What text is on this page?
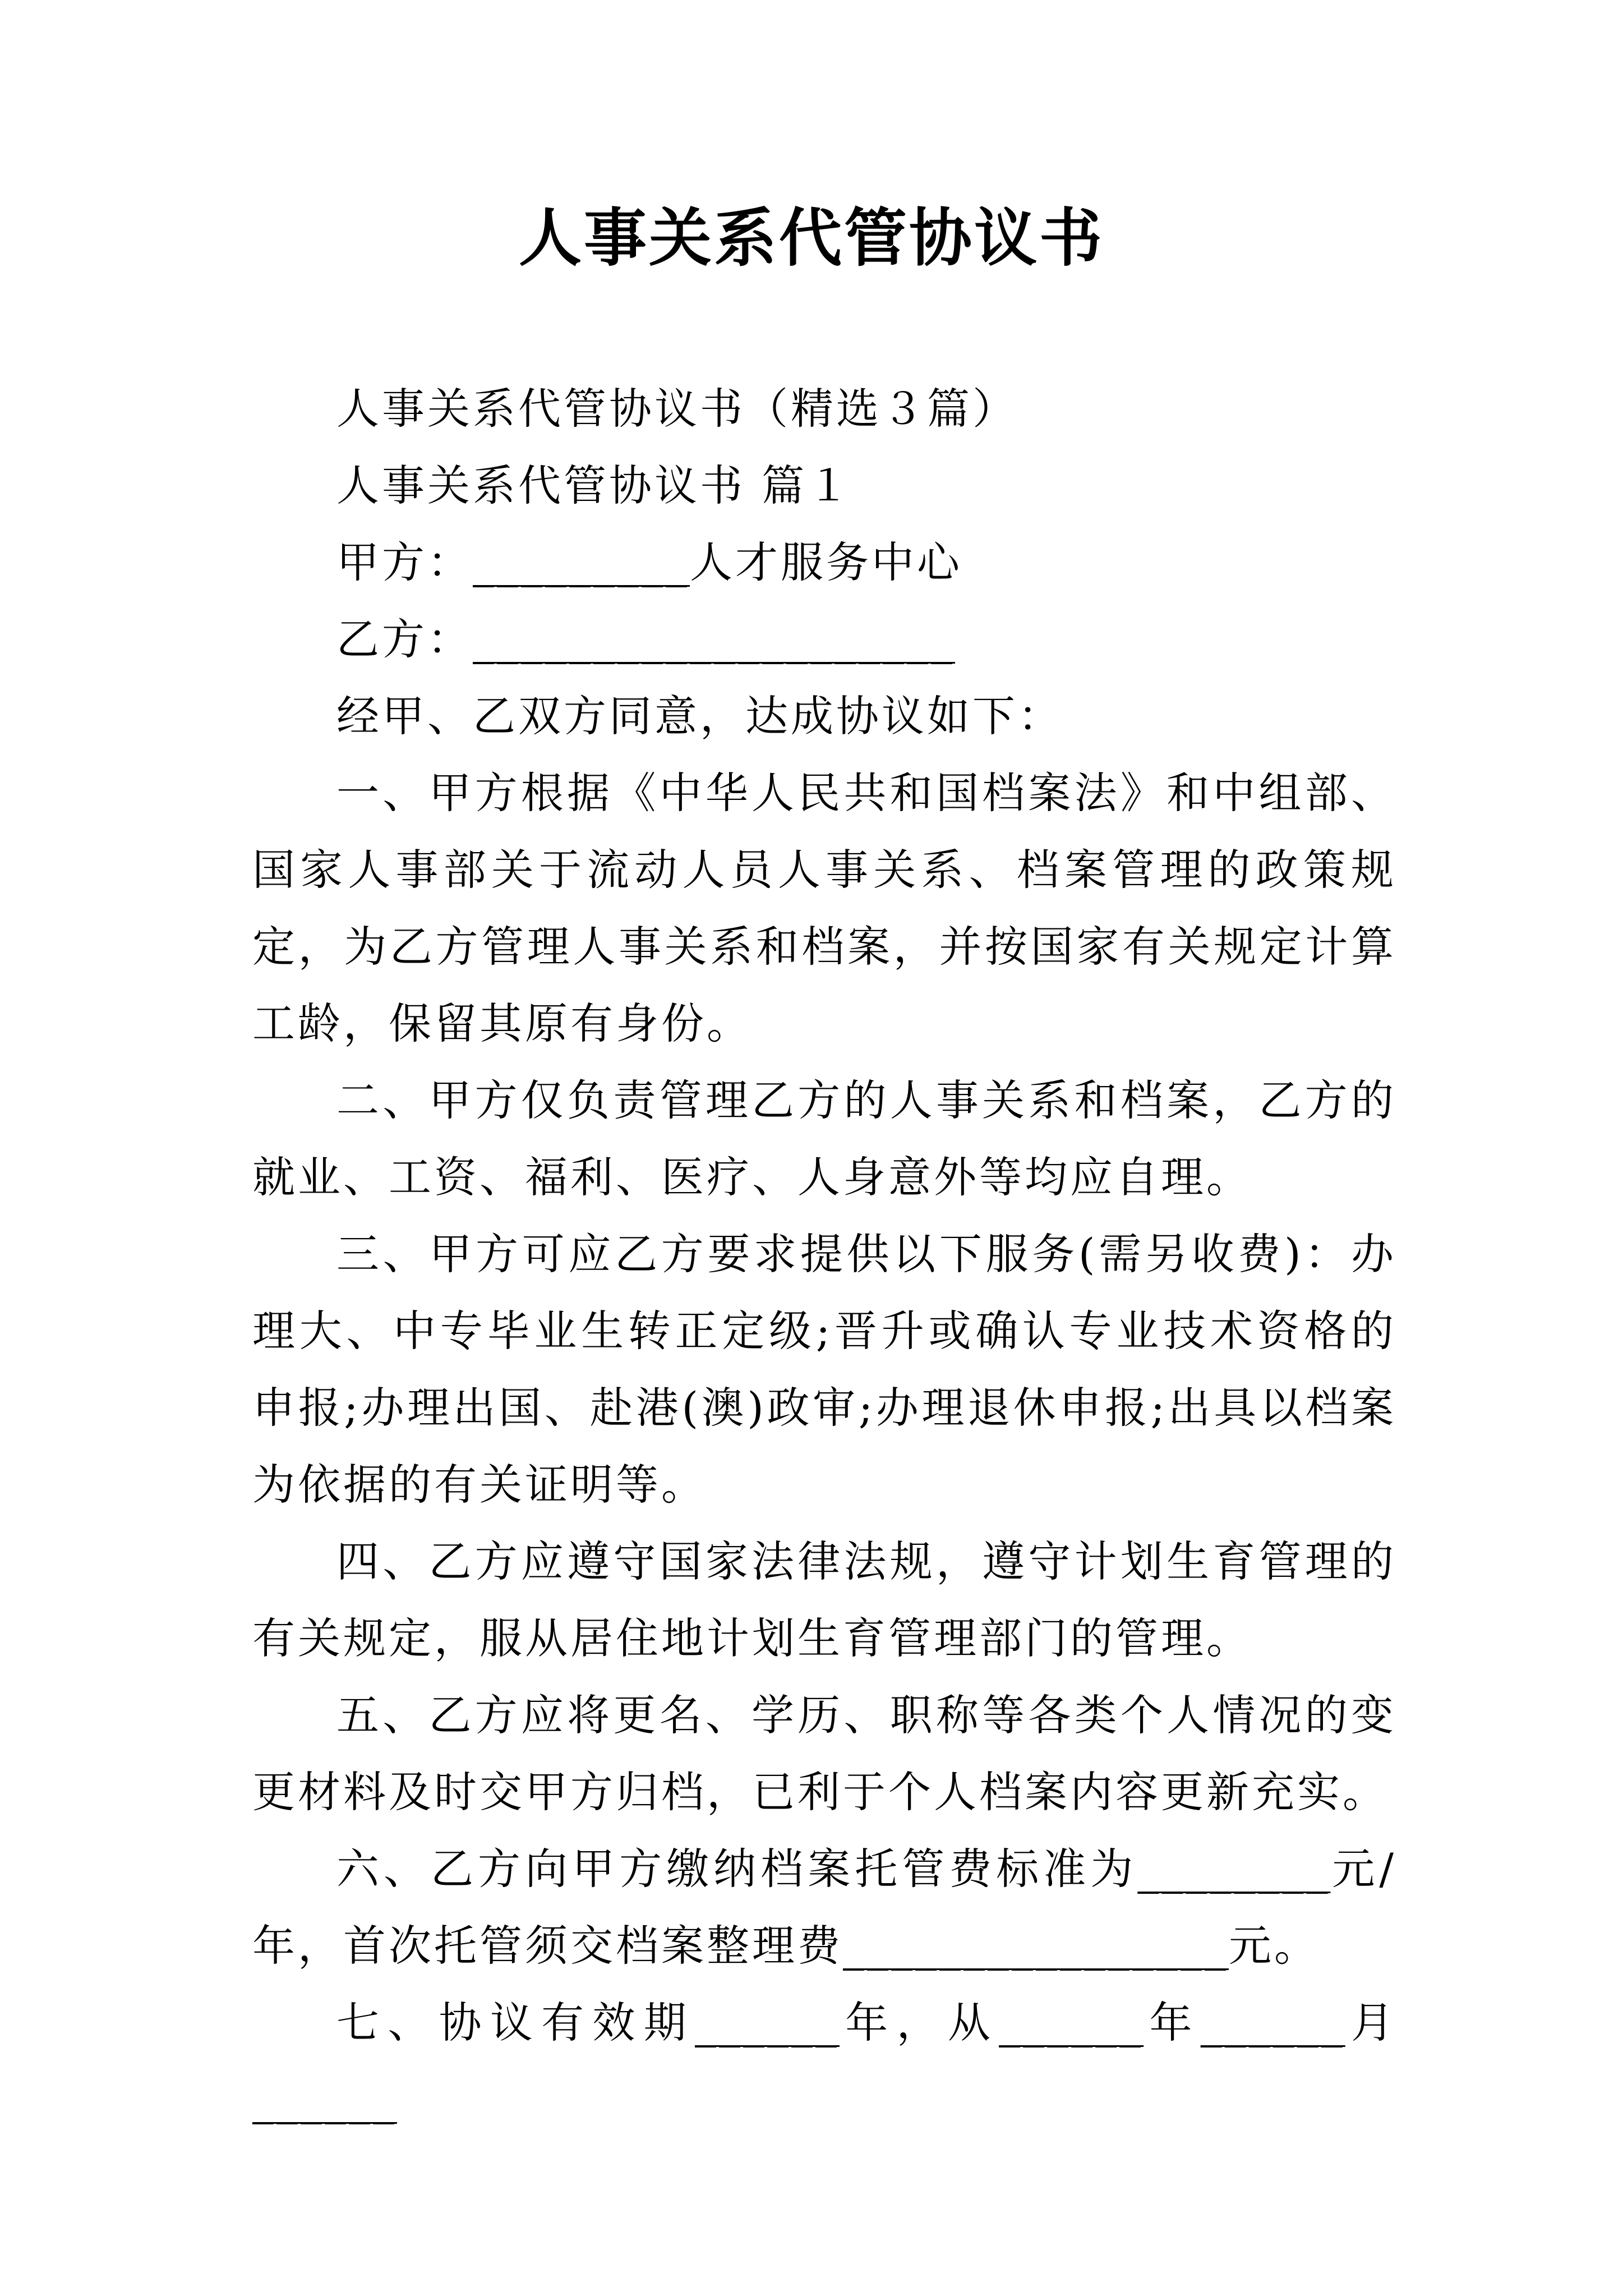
人事关系代管协议书

人事关系代管协议书（精选３篇）

人事关系代管协议书 篇１

甲方：_________人才服务中心

乙方：____________________

经甲、乙双方同意，达成协议如下：

一、甲方根据《中华人民共和国档案法》和中组部、国家人事部关于流动人员人事关系、档案管理的政策规定，为乙方管理人事关系和档案，并按国家有关规定计算工龄，保留其原有身份。

二、甲方仅负责管理乙方的人事关系和档案，乙方的就业、工资、福利、医疗、人身意外等均应自理。

三、甲方可应乙方要求提供以下服务(需另收费)：办理大、中专毕业生转正定级;晋升或确认专业技术资格的申报;办理出国、赴港(澳)政审;办理退休申报;出具以档案为依据的有关证明等。

四、乙方应遵守国家法律法规，遵守计划生育管理的有关规定，服从居住地计划生育管理部门的管理。

五、乙方应将更名、学历、职称等各类个人情况的变更材料及时交甲方归档，已利于个人档案内容更新充实。

六、乙方向甲方缴纳档案托管费标准为________元/年，首次托管须交档案整理费________________元。

七、协议有效期______年，从______年______月______
